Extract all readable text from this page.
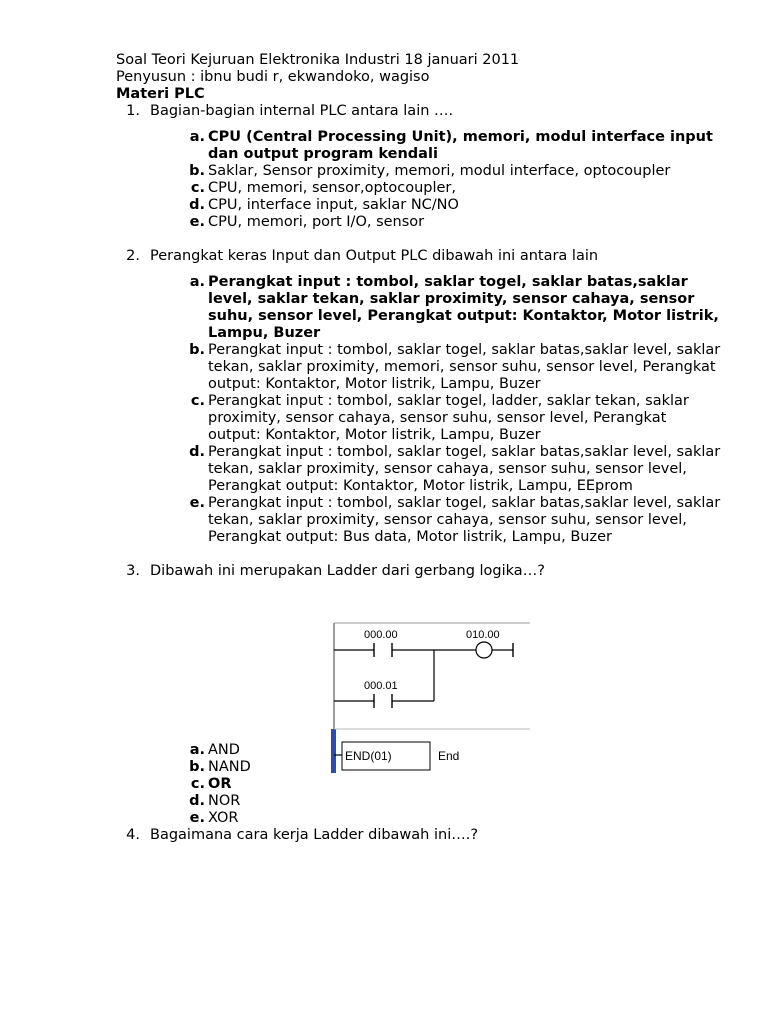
Soal Teori Kejuruan Elektronika Industri 18 januari 2011
Penyusun : ibnu budi r, ekwandoko, wagiso
Materi PLC
1. Bagian-bagian internal PLC antara lain ….
a. CPU (Central Processing Unit), memori, modul interface input dan output program kendali
b. Saklar, Sensor proximity, memori, modul interface, optocoupler
c. CPU, memori, sensor,optocoupler,
d. CPU, interface input, saklar NC/NO
e. CPU, memori, port I/O, sensor
2. Perangkat keras Input dan Output PLC dibawah ini antara lain
a. Perangkat input : tombol, saklar togel, saklar batas,saklar level, saklar tekan, saklar proximity, sensor cahaya, sensor suhu, sensor level, Perangkat output: Kontaktor, Motor listrik, Lampu, Buzer
b. Perangkat input : tombol, saklar togel, saklar batas,saklar level, saklar tekan, saklar proximity, memori, sensor suhu, sensor level, Perangkat output: Kontaktor, Motor listrik, Lampu, Buzer
c. Perangkat input : tombol, saklar togel, ladder, saklar tekan, saklar proximity, sensor cahaya, sensor suhu, sensor level, Perangkat output: Kontaktor, Motor listrik, Lampu, Buzer
d. Perangkat input : tombol, saklar togel, saklar batas,saklar level, saklar tekan, saklar proximity, sensor cahaya, sensor suhu, sensor level, Perangkat output: Kontaktor, Motor listrik, Lampu, EEprom
e. Perangkat input : tombol, saklar togel, saklar batas,saklar level, saklar tekan, saklar proximity, sensor cahaya, sensor suhu, sensor level, Perangkat output: Bus data, Motor listrik, Lampu, Buzer
3. Dibawah ini merupakan Ladder dari gerbang logika…?
a. AND
b. NAND
c. OR
d. NOR
e. XOR
4. Bagaimana cara kerja Ladder dibawah ini….?
000.00	010.00
000.01
END(01)	End
